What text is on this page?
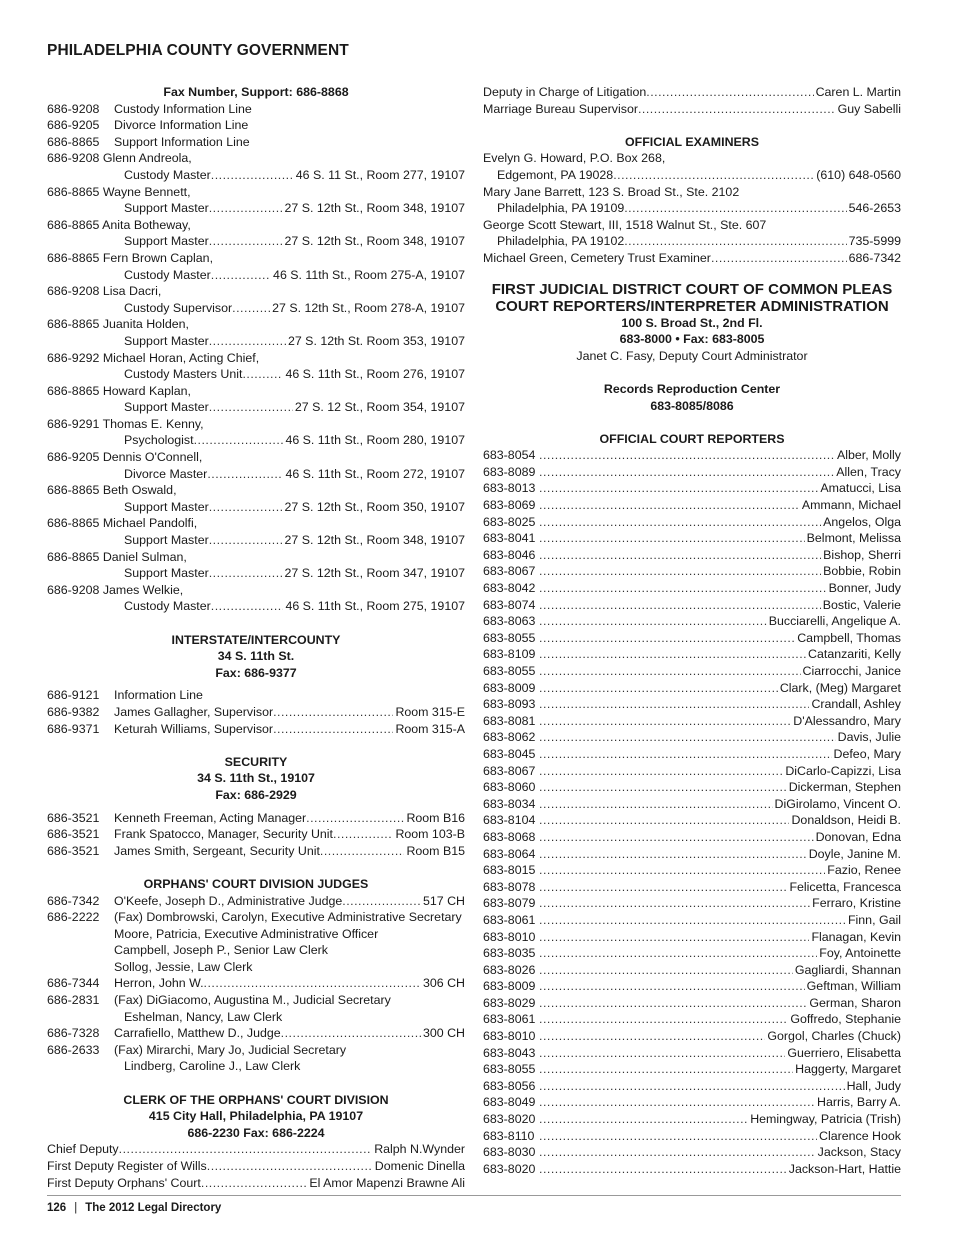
PHILADELPHIA COUNTY GOVERNMENT
Fax Number, Support: 686-8868
686-9208	Custody Information Line
686-9205	Divorce Information Line
686-8865	Support Information Line
686-9208 Glenn Andreola,
Custody Master .....	46 S. 11 St., Room 277, 19107
686-8865 Wayne Bennett,
Support Master .....	27 S. 12th St., Room 348, 19107
686-8865 Anita Botheway,
Support Master .....	27 S. 12th St., Room 348, 19107
686-8865 Fern Brown Caplan,
Custody Master .....	46 S. 11th St., Room 275-A, 19107
686-9208 Lisa Dacri,
Custody Supervisor .....	27 S. 12th St., Room 278-A, 19107
686-8865 Juanita Holden,
Support Master .....	27 S. 12th St. Room 353, 19107
686-9292 Michael Horan, Acting Chief,
Custody Masters Unit .....	46 S. 11th St., Room 276, 19107
686-8865 Howard Kaplan,
Support Master .....	27 S. 12 St., Room 354, 19107
686-9291 Thomas E. Kenny,
Psychologist .....	46 S. 11th St., Room 280, 19107
686-9205 Dennis O'Connell,
Divorce Master .....	46 S. 11th St., Room 272, 19107
686-8865 Beth Oswald,
Support Master .....	27 S. 12th St., Room 350, 19107
686-8865 Michael Pandolfi,
Support Master .....	27 S. 12th St., Room 348, 19107
686-8865 Daniel Sulman,
Support Master .....	27 S. 12th St., Room 347, 19107
686-9208 James Welkie,
Custody Master .....	46 S. 11th St., Room 275, 19107
INTERSTATE/INTERCOUNTY
34 S. 11th St.
Fax: 686-9377
686-9121	Information Line
686-9382	James Gallagher, Supervisor .....	Room 315-E
686-9371	Keturah Williams, Supervisor .....	Room 315-A
SECURITY
34 S. 11th St., 19107
Fax: 686-2929
686-3521	Kenneth Freeman, Acting Manager .....	Room B16
686-3521	Frank Spatocco, Manager, Security Unit .....	Room 103-B
686-3521	James Smith, Sergeant, Security Unit .....	Room B15
ORPHANS' COURT DIVISION JUDGES
686-7342	O'Keefe, Joseph D., Administrative Judge .....	517 CH
686-2222	(Fax) Dombrowski, Carolyn, Executive Administrative Secretary
Moore, Patricia, Executive Administrative Officer
Campbell, Joseph P., Senior Law Clerk
Sollog, Jessie, Law Clerk
686-7344	Herron, John W. .....	306 CH
686-2831	(Fax) DiGiacomo, Augustina M., Judicial Secretary
Eshelman, Nancy, Law Clerk
686-7328	Carrafiello, Matthew D., Judge .....	300 CH
686-2633	(Fax) Mirarchi, Mary Jo, Judicial Secretary
Lindberg, Caroline J., Law Clerk
CLERK OF THE ORPHANS' COURT DIVISION
415 City Hall, Philadelphia, PA 19107
686-2230 Fax: 686-2224
Chief Deputy .....	Ralph N.Wynder
First Deputy Register of Wills .....	Domenic Dinella
First Deputy Orphans' Court .....	El Amor Mapenzi Brawne Ali
Deputy in Charge of Litigation .....	Caren L. Martin
Marriage Bureau Supervisor .....	Guy Sabelli
OFFICIAL EXAMINERS
Evelyn G. Howard, P.O. Box 268,
Edgemont, PA 19028 .....	(610) 648-0560
Mary Jane Barrett, 123 S. Broad St., Ste. 2102
Philadelphia, PA 19109 .....	546-2653
George Scott Stewart, III, 1518 Walnut St., Ste. 607
Philadelphia, PA 19102 .....	735-5999
Michael Green, Cemetery Trust Examiner .....	686-7342
FIRST JUDICIAL DISTRICT COURT OF COMMON PLEAS
COURT REPORTERS/INTERPRETER ADMINISTRATION
100 S. Broad St., 2nd Fl.
683-8000 • Fax: 683-8005
Janet C. Fasy, Deputy Court Administrator
Records Reproduction Center
683-8085/8086
OFFICIAL COURT REPORTERS
683-8054 .....	Alber, Molly
683-8089 .....	Allen, Tracy
683-8013 .....	Amatucci, Lisa
683-8069 .....	Ammann, Michael
683-8025 .....	Angelos, Olga
683-8041 .....	Belmont, Melissa
683-8046 .....	Bishop, Sherri
683-8067 .....	Bobbie, Robin
683-8042 .....	Bonner, Judy
683-8074 .....	Bostic, Valerie
683-8063 .....	Bucciarelli, Angelique A.
683-8055 .....	Campbell, Thomas
683-8109 .....	Catanzariti, Kelly
683-8055 .....	Ciarrocchi, Janice
683-8009 .....	Clark, (Meg) Margaret
683-8093 .....	Crandall, Ashley
683-8081 .....	D'Alessandro, Mary
683-8062 .....	Davis, Julie
683-8045 .....	Defeo, Mary
683-8067 .....	DiCarlo-Capizzi, Lisa
683-8060 .....	Dickerman, Stephen
683-8034 .....	DiGirolamo, Vincent O.
683-8104 .....	Donaldson, Heidi B.
683-8068 .....	Donovan, Edna
683-8064 .....	Doyle, Janine M.
683-8015 .....	Fazio, Renee
683-8078 .....	Felicetta, Francesca
683-8079 .....	Ferraro, Kristine
683-8061 .....	Finn, Gail
683-8010 .....	Flanagan, Kevin
683-8035 .....	Foy, Antoinette
683-8026 .....	Gagliardi, Shannan
683-8009 .....	Geftman, William
683-8029 .....	German, Sharon
683-8061 .....	Goffredo, Stephanie
683-8010 .....	Gorgol, Charles (Chuck)
683-8043 .....	Guerriero, Elisabetta
683-8055 .....	Haggerty, Margaret
683-8056 .....	Hall, Judy
683-8049 .....	Harris, Barry A.
683-8020 .....	Hemingway, Patricia (Trish)
683-8110 .....	Clarence Hook
683-8030 .....	Jackson, Stacy
683-8020 .....	Jackson-Hart, Hattie
126 | The 2012 Legal Directory
